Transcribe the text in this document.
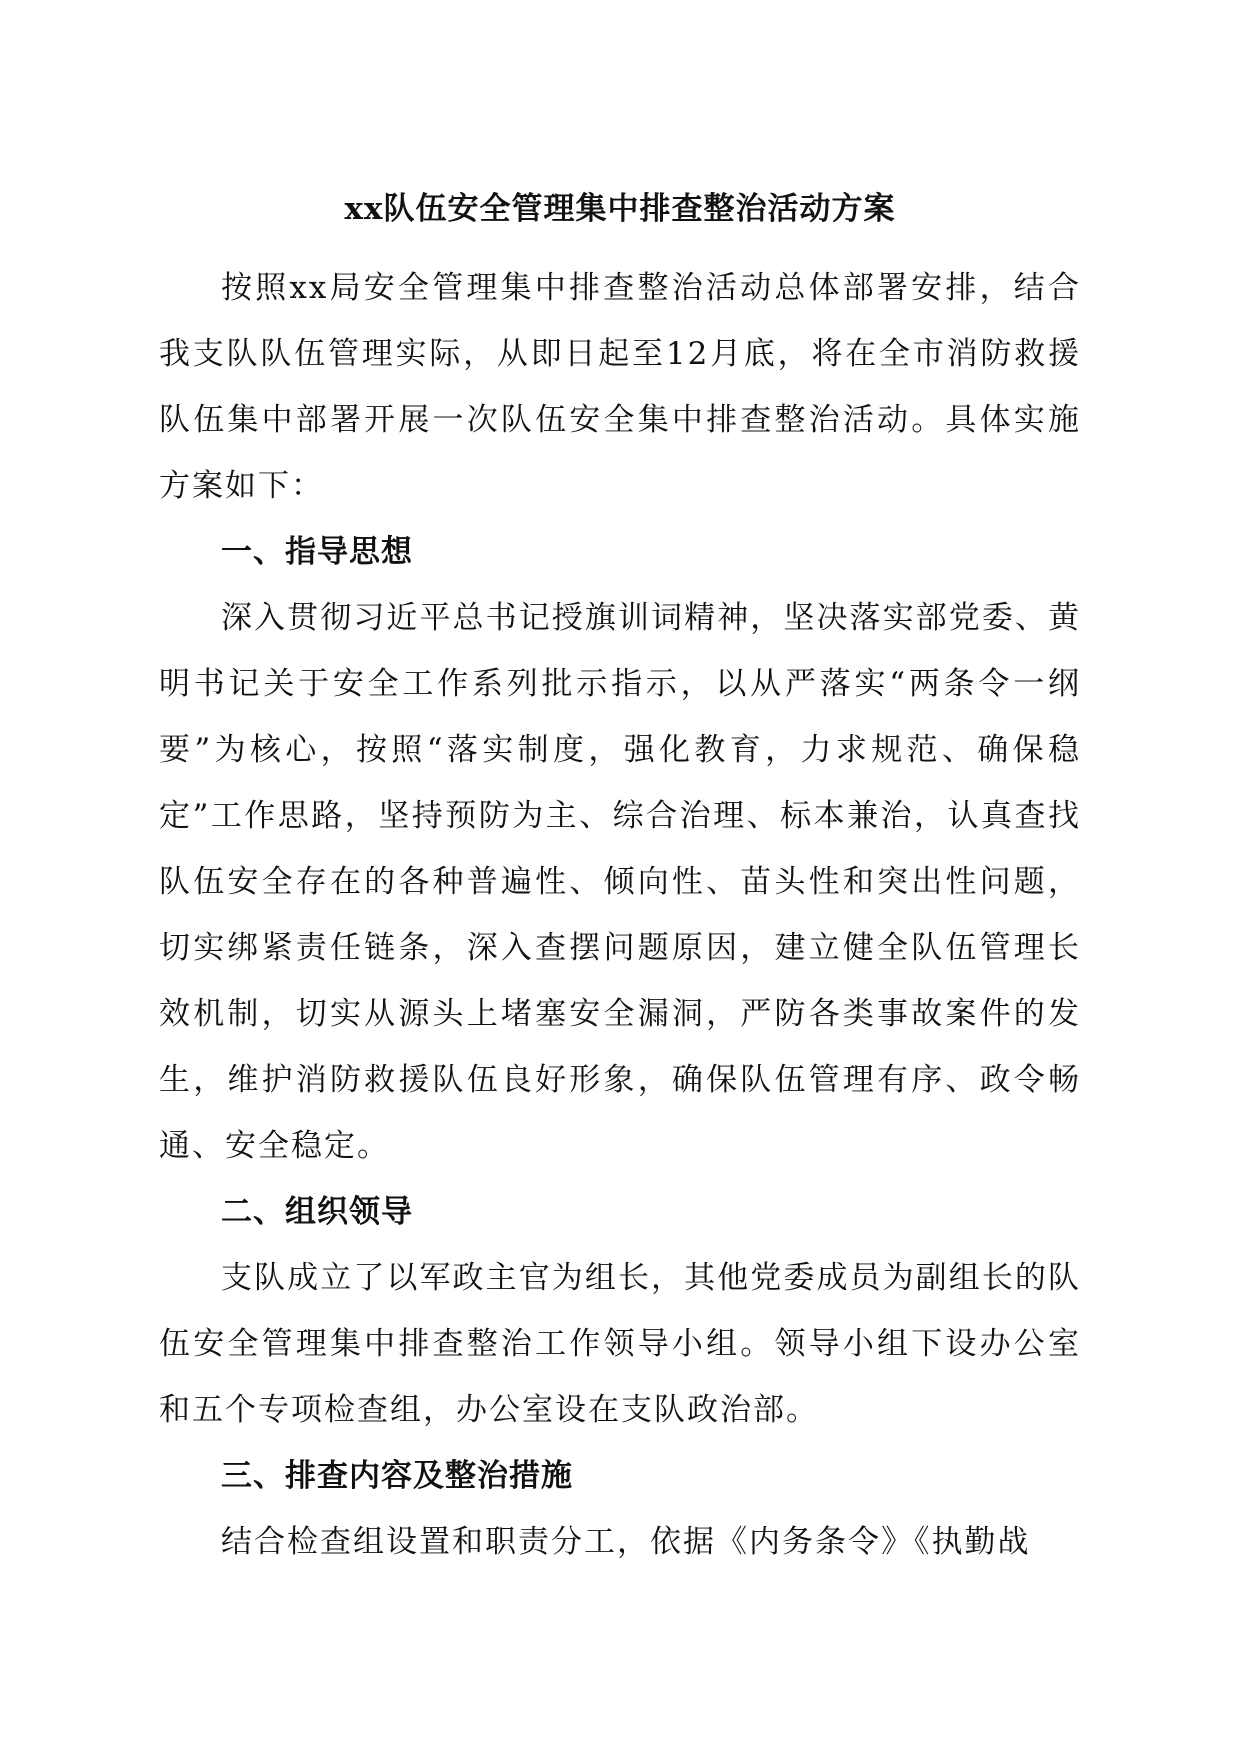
xx队伍安全管理集中排查整治活动方案

按照xx局安全管理集中排查整治活动总体部署安排，结合我支队队伍管理实际，从即日起至12月底，将在全市消防救援队伍集中部署开展一次队伍安全集中排查整治活动。具体实施方案如下：

一、指导思想

深入贯彻习近平总书记授旗训词精神，坚决落实部党委、黄明书记关于安全工作系列批示指示，以从严落实“两条令一纲要”为核心，按照“落实制度，强化教育，力求规范、确保稳定”工作思路，坚持预防为主、综合治理、标本兼治，认真查找队伍安全存在的各种普遍性、倾向性、苗头性和突出性问题，切实绑紧责任链条，深入查摆问题原因，建立健全队伍管理长效机制，切实从源头上堵塞安全漏洞，严防各类事故案件的发生，维护消防救援队伍良好形象，确保队伍管理有序、政令畅通、安全稳定。

二、组织领导

支队成立了以军政主官为组长，其他党委成员为副组长的队伍安全管理集中排查整治工作领导小组。领导小组下设办公室和五个专项检查组，办公室设在支队政治部。

三、排查内容及整治措施

结合检查组设置和职责分工，依据《内务条令》《执勤战
